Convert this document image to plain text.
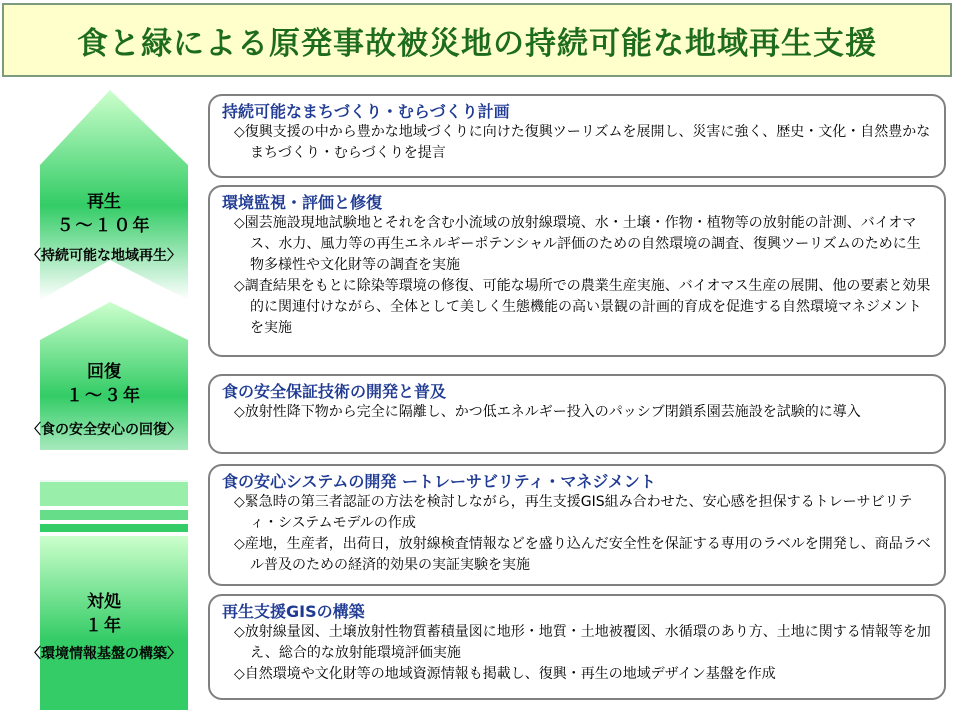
食と緑による原発事故被災地の持続可能な地域再生支援
再生
５～１０年
〈持続可能な地域再生〉
回復
１～３年
〈食の安全安心の回復〉
対処
１年
〈環境情報基盤の構築〉
持続可能なまちづくり・むらづくり計画
◇復興支援の中から豊かな地域づくりに向けた復興ツーリズムを展開し、災害に強く、歴史・文化・自然豊かなまちづくり・むらづくりを提言
環境監視・評価と修復
◇園芸施設現地試験地とそれを含む小流域の放射線環境、水・土壌・作物・植物等の放射能の計測、バイオマス、水力、風力等の再生エネルギーポテンシャル評価のための自然環境の調査、復興ツーリズムのために生物多様性や文化財等の調査を実施
◇調査結果をもとに除染等環境の修復、可能な場所での農業生産実施、バイオマス生産の展開、他の要素と効果的に関連付けながら、全体として美しく生態機能の高い景観の計画的育成を促進する自然環境マネジメントを実施
食の安全保証技術の開発と普及
◇放射性降下物から完全に隔離し、かつ低エネルギー投入のパッシブ閉鎖系園芸施設を試験的に導入
食の安心システムの開発 ートレーサビリティ・マネジメント
◇緊急時の第三者認証の方法を検討しながら，再生支援GIS組み合わせた、安心感を担保するトレーサビリティ・システムモデルの作成
◇産地，生産者，出荷日，放射線検査情報などを盛り込んだ安全性を保証する専用のラベルを開発し、商品ラベル普及のための経済的効果の実証実験を実施
再生支援GISの構築
◇放射線量図、土壌放射性物質蓄積量図に地形・地質・土地被覆図、水循環のあり方、土地に関する情報等を加え、総合的な放射能環境評価実施
◇自然環境や文化財等の地域資源情報も掲載し、復興・再生の地域デザイン基盤を作成
